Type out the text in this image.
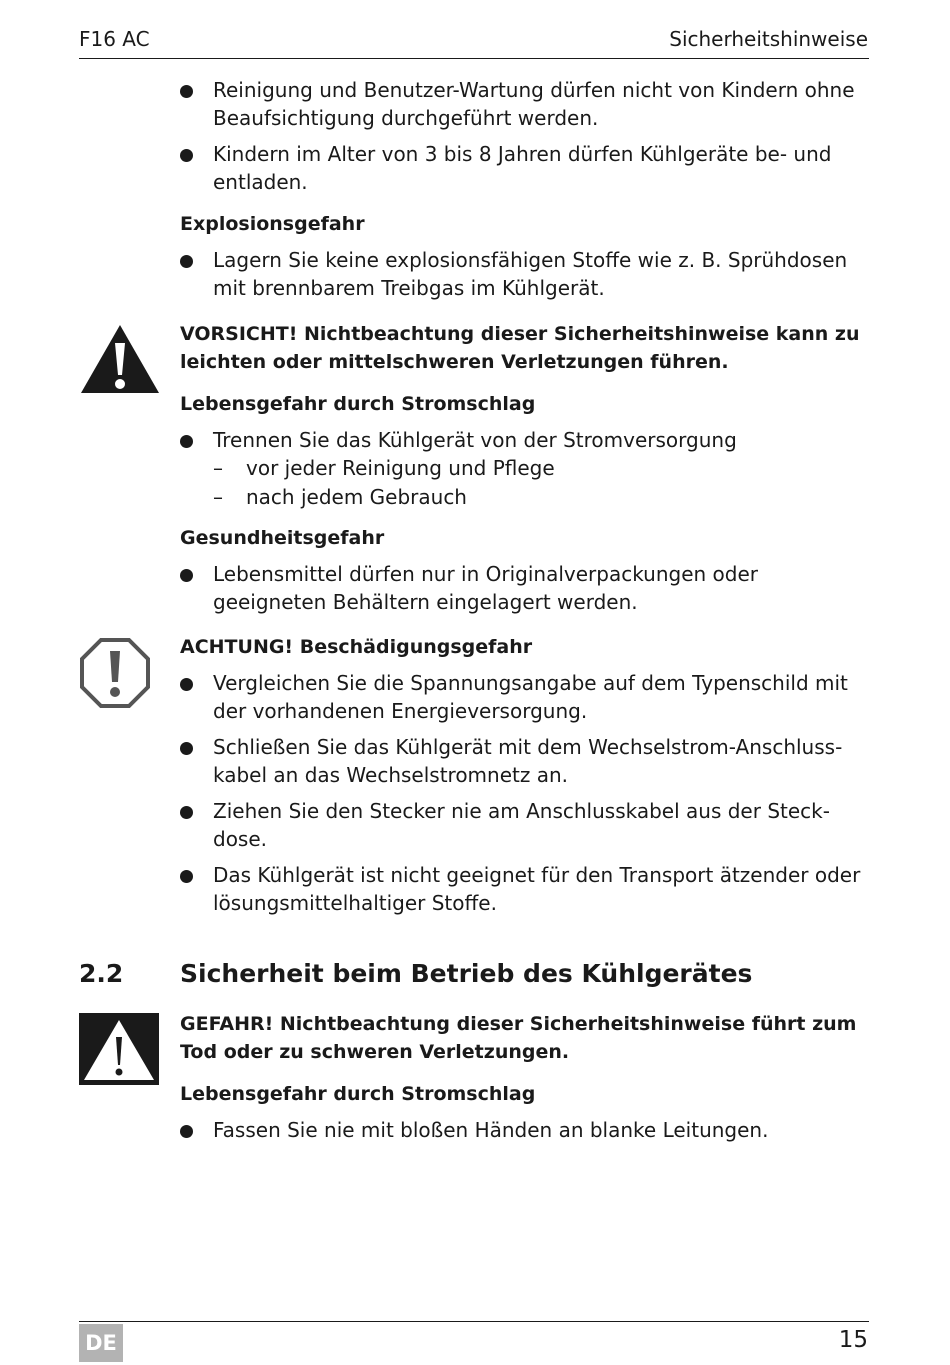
F16 AC	Sicherheitshinweise
Reinigung und Benutzer-Wartung dürfen nicht von Kindern ohne Beaufsichtigung durchgeführt werden.
Kindern im Alter von 3 bis 8 Jahren dürfen Kühlgeräte be- und entladen.
Explosionsgefahr
Lagern Sie keine explosionsfähigen Stoffe wie z. B. Sprühdosen mit brennbarem Treibgas im Kühlgerät.
VORSICHT! Nichtbeachtung dieser Sicherheitshinweise kann zu leichten oder mittelschweren Verletzungen führen.
Lebensgefahr durch Stromschlag
Trennen Sie das Kühlgerät von der Stromversorgung
– vor jeder Reinigung und Pflege
– nach jedem Gebrauch
Gesundheitsgefahr
Lebensmittel dürfen nur in Originalverpackungen oder geeigneten Behältern eingelagert werden.
ACHTUNG! Beschädigungsgefahr
Vergleichen Sie die Spannungsangabe auf dem Typenschild mit der vorhandenen Energieversorgung.
Schließen Sie das Kühlgerät mit dem Wechselstrom-Anschluss-kabel an das Wechselstromnetz an.
Ziehen Sie den Stecker nie am Anschlusskabel aus der Steck-dose.
Das Kühlgerät ist nicht geeignet für den Transport ätzender oder lösungsmittelhaltiger Stoffe.
2.2 Sicherheit beim Betrieb des Kühlgerätes
GEFAHR! Nichtbeachtung dieser Sicherheitshinweise führt zum Tod oder zu schweren Verletzungen.
Lebensgefahr durch Stromschlag
Fassen Sie nie mit bloßen Händen an blanke Leitungen.
DE	15
